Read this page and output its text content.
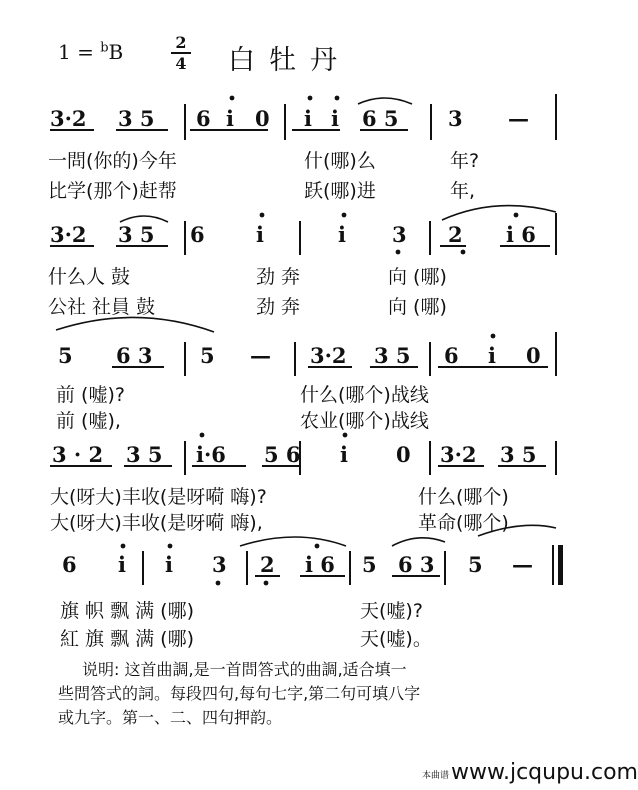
1 = $^b$B	2
4 白牡丹
3·2 3 5 6 i 0 i i 6 5 3 —
一問(你的)今年	什(哪)么	年?
比学(那个)赶帮	跃(哪)进	年,
3·2 3 5 6 i	i 3 2 i 6
什么人 鼓	劲 奔	向 (哪)
公社 社員 鼓	劲 奔	向 (哪)
5 6 3 5 — 3·2 3 5 6 i 0
前 (嘘)?	什么(哪个)战线
前 (嘘),	农业(哪个)战线
3 · 2 3 5 i·6 5 6 i 0 3·2 3 5
大(呀大)丰收(是呀嗬 嗨)?	什么(哪个)
大(呀大)丰收(是呀嗬 嗨),	革命(哪个)
6 i i 3 2 i 6 5 6 3 5 —
旗 帜 飘 满 (哪)	天(嘘)?
紅 旗 飘 满 (哪)	天(嘘)。
说明: 这首曲調,是一首問答式的曲調,适合填一
些問答式的詞。每段四句,每句七字,第二句可填八字
或九字。第一、二、四句押韵。
本曲谱 www.jcqupu.com
